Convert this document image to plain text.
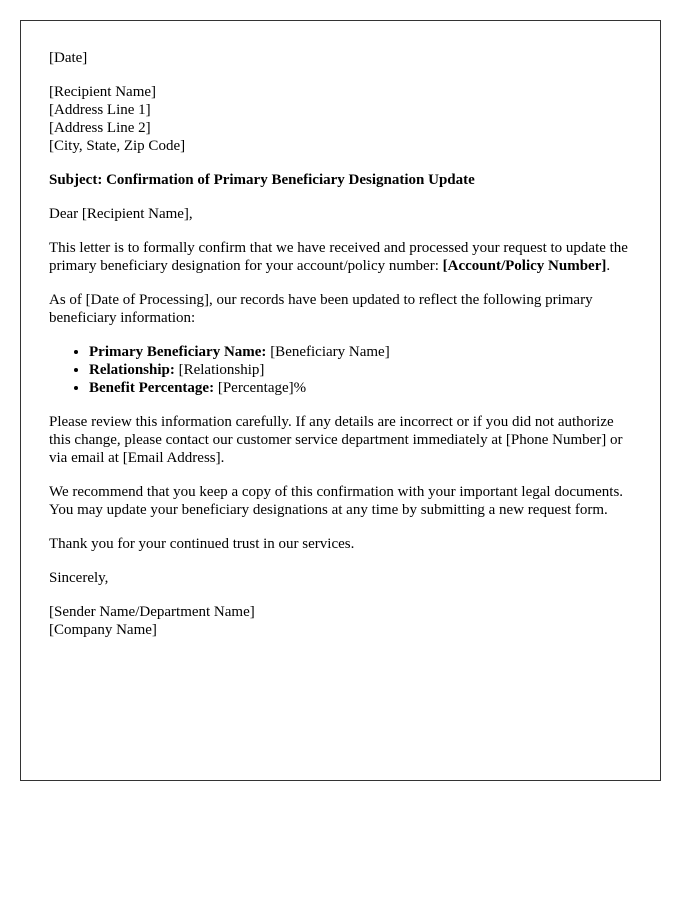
[Date]

[Recipient Name]
[Address Line 1]
[Address Line 2]
[City, State, Zip Code]

Subject: Confirmation of Primary Beneficiary Designation Update

Dear [Recipient Name],

This letter is to formally confirm that we have received and processed your request to update the primary beneficiary designation for your account/policy number: [Account/Policy Number].

As of [Date of Processing], our records have been updated to reflect the following primary beneficiary information:

• Primary Beneficiary Name: [Beneficiary Name]
• Relationship: [Relationship]
• Benefit Percentage: [Percentage]%

Please review this information carefully. If any details are incorrect or if you did not authorize this change, please contact our customer service department immediately at [Phone Number] or via email at [Email Address].

We recommend that you keep a copy of this confirmation with your important legal documents. You may update your beneficiary designations at any time by submitting a new request form.

Thank you for your continued trust in our services.

Sincerely,

[Sender Name/Department Name]
[Company Name]
